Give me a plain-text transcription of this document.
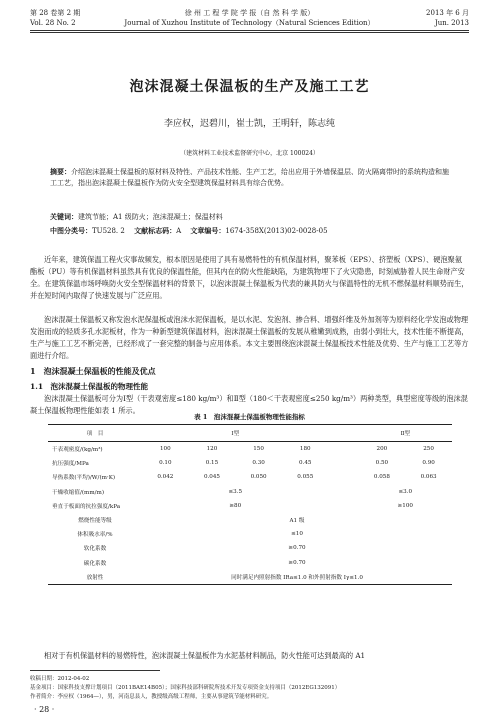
第 28 卷第 2 期
Vol. 28 No. 2
徐 州 工 程 学 院 学 报（自 然 科 学 版）
Journal of Xuzhou Institute of Technology（Natural Sciences Edition）
2013 年 6 月
Jun. 2013
泡沫混凝土保温板的生产及施工工艺
李应权，迟碧川，崔士凯，王明轩，陈志纯
（建筑材料工业技术监督研究中心，北京 100024）
摘要：介绍泡沫混凝土保温板的原材料及特性、产品技术性能、生产工艺，给出应用于外墙保温层、防火隔离带时的系统构造和施工工艺，指出泡沫混凝土保温板作为防火安全型建筑保温材料具有综合优势。
关键词：建筑节能；A1 级防火；泡沫混凝土；保温材料
中图分类号：TU528. 2　 文献标志码：A　 文章编号：1674-358X(2013)02-0028-05
近年来，建筑保温工程火灾事故频发，根本原因是使用了具有易燃特性的有机保温材料，聚苯板（EPS）、挤塑板（XPS）、硬泡聚氨酯板（PU）等有机保温材料虽然具有优良的保温性能，但其内在的防火性能缺陷，为建筑物埋下了火灾隐患，时刻威胁着人民生命财产安全。在建筑保温市场呼唤防火安全型保温材料的背景下，以泡沫混凝土保温板为代表的兼具防火与保温特性的无机不燃保温材料顺势而生，并在短时间内取得了快速发展与广泛应用。
泡沫混凝土保温板又称发泡水泥保温板或泡沫水泥保温板，是以水泥、发泡剂、掺合料、增强纤维及外加剂等为原料经化学发泡或物理发泡而成的轻质多孔水泥板材，作为一种新型建筑保温材料，泡沫混凝土保温板的发展从稚嫩到成熟，由弱小到壮大，技术性能不断提高，生产与施工工艺不断完善，已经形成了一套完整的制备与应用体系。本文主要围绕泡沫混凝土保温板技术性能及优势、生产与施工工艺等方面进行介绍。
1　泡沫混凝土保温板的性能及优点
1.1　泡沫混凝土保温板的物理性能
泡沫混凝土保温板可分为Ⅰ型（干表观密度≤180 kg/m³）和Ⅱ型（180＜干表观密度≤250 kg/m³）两种类型，典型密度等级的泡沫混凝土保温板物理性能如表 1 所示。
表 1　泡沫混凝土保温板物理性能指标
项　目	Ⅰ型					Ⅱ型	
干表观密度/(kg/m³)	100	120	150	180		200	250
抗压强度/MPa	0.10	0.15	0.30	0.45		0.50	0.90
导热系数(平均)/W/(m·K)	0.042	0.045	0.050	0.055		0.058	0.063
干燥收缩值/(mm/m)	≤3.5					≤3.0	
垂直于板面的抗拉强度/kPa	≥80					≥100	
燃烧性能等级	A1 级						
体积吸水率/%	≤10						
软化系数	≥0.70						
碳化系数	≥0.70						
放射性	同时满足内照射指数 IRa≤1.0 和外照射指数 Iγ≤1.0						
相对于有机保温材料的易燃特性，泡沫混凝土保温板作为水泥基材料制品，防火性能可达到最高的 A1
收稿日期：2012-04-02
基金项目：国家科技支撑计划项目（2011BAE14B05）；国家科技部科研院所技术开发专项资金支持项目（2012EG132091）
作者简介：李应权（1964—），男，河南息县人，教授级高级工程师，主要从事建筑节能材料研究。
· 28 ·
